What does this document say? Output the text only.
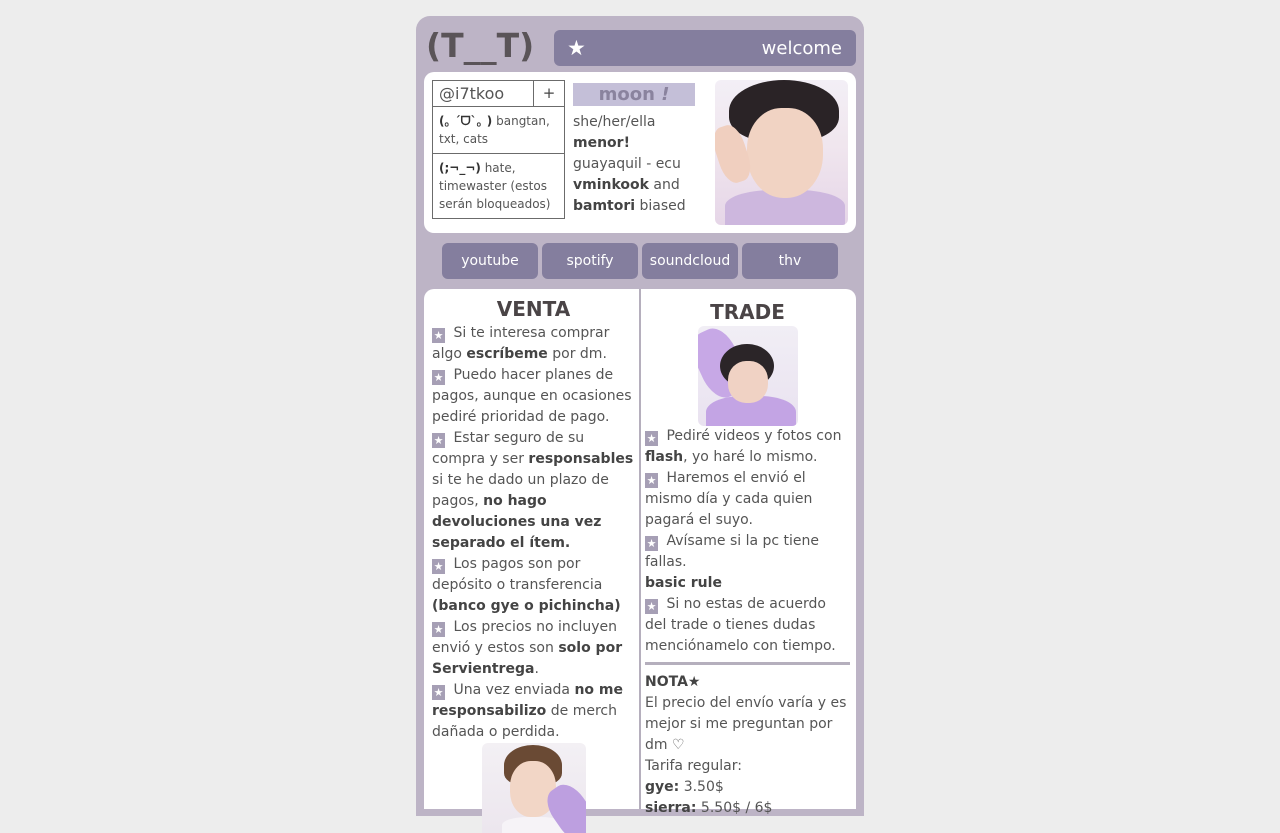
(T__T) ★	welcome
@i7tkoo	+
(｡ ˊᗜˋ｡ ) bangtan, txt, cats
(;¬_¬) hate, timewaster (estos serán bloqueados)
moon !
she/her/ella
menor!
guayaquil - ecu
vminkook and
bamtori biased
youtube	spotify	soundcloud	thv
VENTA
★ Si te interesa comprar algo escríbeme por dm.
★ Puedo hacer planes de pagos, aunque en ocasiones pediré prioridad de pago.
★ Estar seguro de su compra y ser responsables si te he dado un plazo de pagos, no hago devoluciones una vez separado el ítem.
★ Los pagos son por depósito o transferencia (banco gye o pichincha)
★ Los precios no incluyen envió y estos son solo por Servientrega.
★ Una vez enviada no me responsabilizo de merch dañada o perdida.
TRADE
★ Pediré videos y fotos con flash, yo haré lo mismo.
★ Haremos el envió el mismo día y cada quien pagará el suyo.
★ Avísame si la pc tiene fallas.
basic rule
★ Si no estas de acuerdo del trade o tienes dudas menciónamelo con tiempo.
NOTA★
El precio del envío varía y es mejor si me preguntan por dm ♡
Tarifa regular:
gye: 3.50$
sierra: 5.50$ / 6$
